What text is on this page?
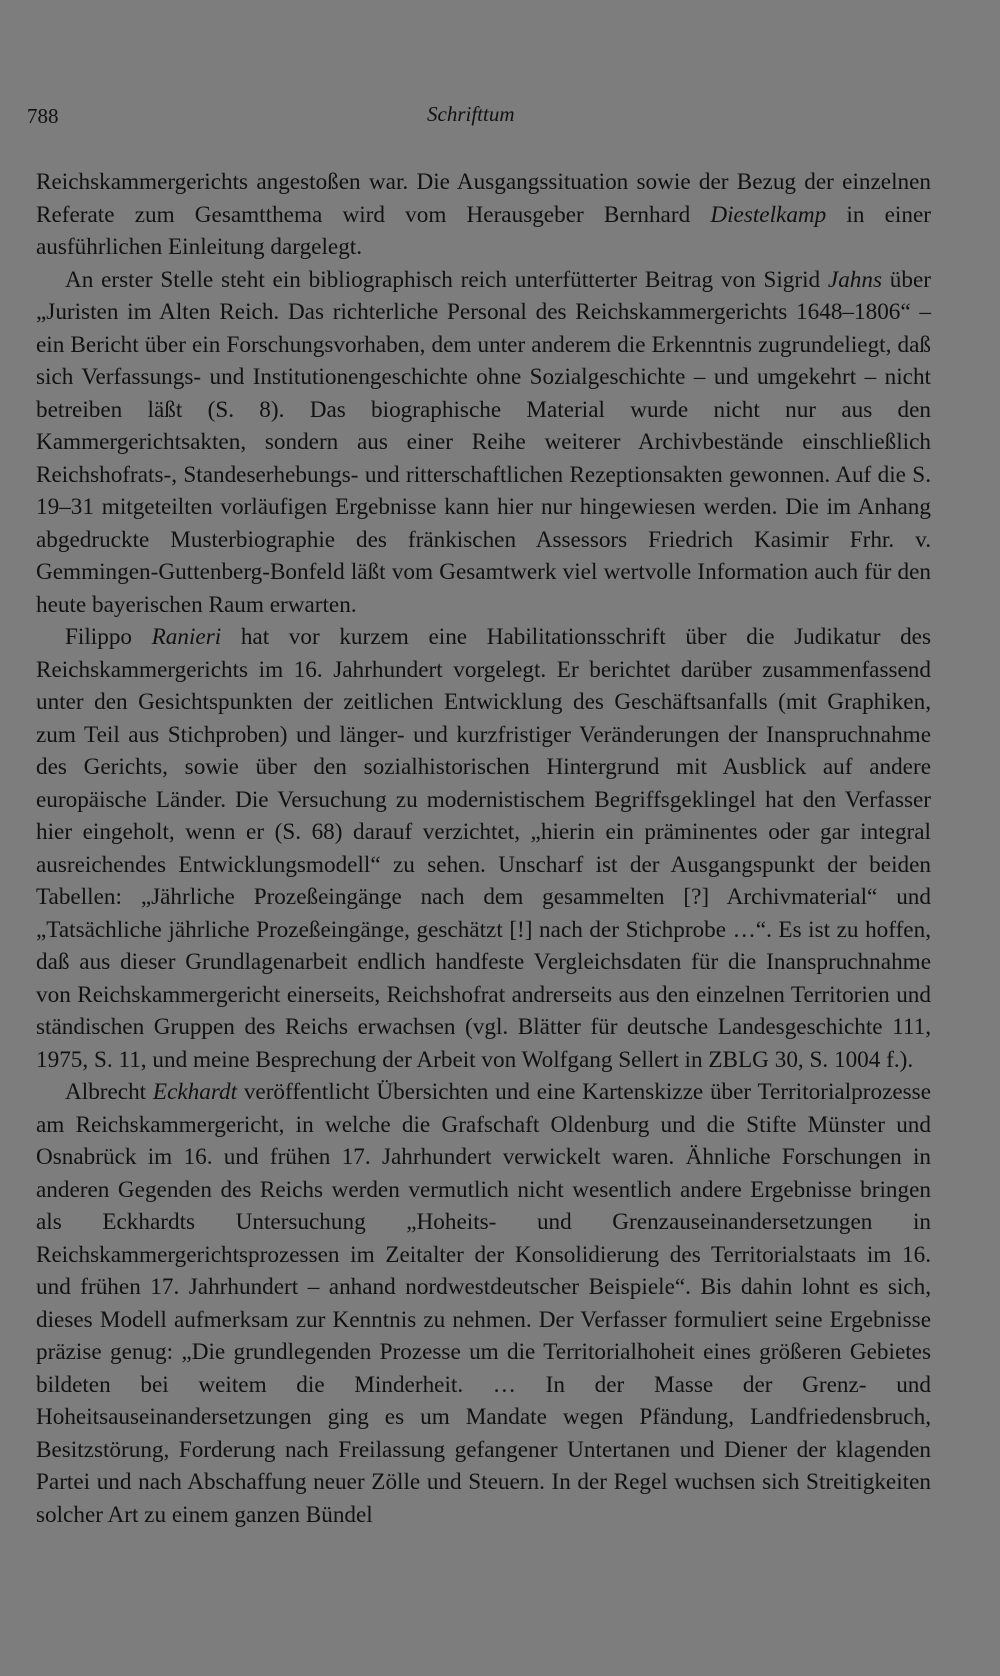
788	Schrifttum

Reichskammergerichts angestoßen war. Die Ausgangssituation sowie der Bezug der einzelnen Referate zum Gesamtthema wird vom Herausgeber Bernhard Diestelkamp in einer ausführlichen Einleitung dargelegt.

An erster Stelle steht ein bibliographisch reich unterfütterter Beitrag von Sigrid Jahns über „Juristen im Alten Reich. Das richterliche Personal des Reichskammergerichts 1648–1806“ – ein Bericht über ein Forschungsvorhaben, dem unter anderem die Erkenntnis zugrundeliegt, daß sich Verfassungs- und Institutionengeschichte ohne Sozialgeschichte – und umgekehrt – nicht betreiben läßt (S. 8). Das biographische Material wurde nicht nur aus den Kammergerichtsakten, sondern aus einer Reihe weiterer Archivbestände einschließlich Reichshofrats-, Standeserhebungs- und ritterschaftlichen Rezeptionsakten gewonnen. Auf die S. 19–31 mitgeteilten vorläufigen Ergebnisse kann hier nur hingewiesen werden. Die im Anhang abgedruckte Musterbiographie des fränkischen Assessors Friedrich Kasimir Frhr. v. Gemmingen-Guttenberg-Bonfeld läßt vom Gesamtwerk viel wertvolle Information auch für den heute bayerischen Raum erwarten.

Filippo Ranieri hat vor kurzem eine Habilitationsschrift über die Judikatur des Reichskammergerichts im 16. Jahrhundert vorgelegt. Er berichtet darüber zusammenfassend unter den Gesichtspunkten der zeitlichen Entwicklung des Geschäftsanfalls (mit Graphiken, zum Teil aus Stichproben) und länger- und kurzfristiger Veränderungen der Inanspruchnahme des Gerichts, sowie über den sozialhistorischen Hintergrund mit Ausblick auf andere europäische Länder. Die Versuchung zu modernistischem Begriffsgeklingel hat den Verfasser hier eingeholt, wenn er (S. 68) darauf verzichtet, „hierin ein präminentes oder gar integral ausreichendes Entwicklungsmodell“ zu sehen. Unscharf ist der Ausgangspunkt der beiden Tabellen: „Jährliche Prozeßeingänge nach dem gesammelten [?] Archivmaterial“ und „Tatsächliche jährliche Prozeßeingänge, geschätzt [!] nach der Stichprobe …“. Es ist zu hoffen, daß aus dieser Grundlagenarbeit endlich handfeste Vergleichsdaten für die Inanspruchnahme von Reichskammergericht einerseits, Reichshofrat andrerseits aus den einzelnen Territorien und ständischen Gruppen des Reichs erwachsen (vgl. Blätter für deutsche Landesgeschichte 111, 1975, S. 11, und meine Besprechung der Arbeit von Wolfgang Sellert in ZBLG 30, S. 1004 f.).

Albrecht Eckhardt veröffentlicht Übersichten und eine Kartenskizze über Territorialprozesse am Reichskammergericht, in welche die Grafschaft Oldenburg und die Stifte Münster und Osnabrück im 16. und frühen 17. Jahrhundert verwickelt waren. Ähnliche Forschungen in anderen Gegenden des Reichs werden vermutlich nicht wesentlich andere Ergebnisse bringen als Eckhardts Untersuchung „Hoheits- und Grenzauseinandersetzungen in Reichskammergerichtsprozessen im Zeitalter der Konsolidierung des Territorialstaats im 16. und frühen 17. Jahrhundert – anhand nordwestdeutscher Beispiele“. Bis dahin lohnt es sich, dieses Modell aufmerksam zur Kenntnis zu nehmen. Der Verfasser formuliert seine Ergebnisse präzise genug: „Die grundlegenden Prozesse um die Territorialhoheit eines größeren Gebietes bildeten bei weitem die Minderheit. … In der Masse der Grenz- und Hoheitsauseinandersetzungen ging es um Mandate wegen Pfändung, Landfriedensbruch, Besitzstörung, Forderung nach Freilassung gefangener Untertanen und Diener der klagenden Partei und nach Abschaffung neuer Zölle und Steuern. In der Regel wuchsen sich Streitigkeiten solcher Art zu einem ganzen Bündel
